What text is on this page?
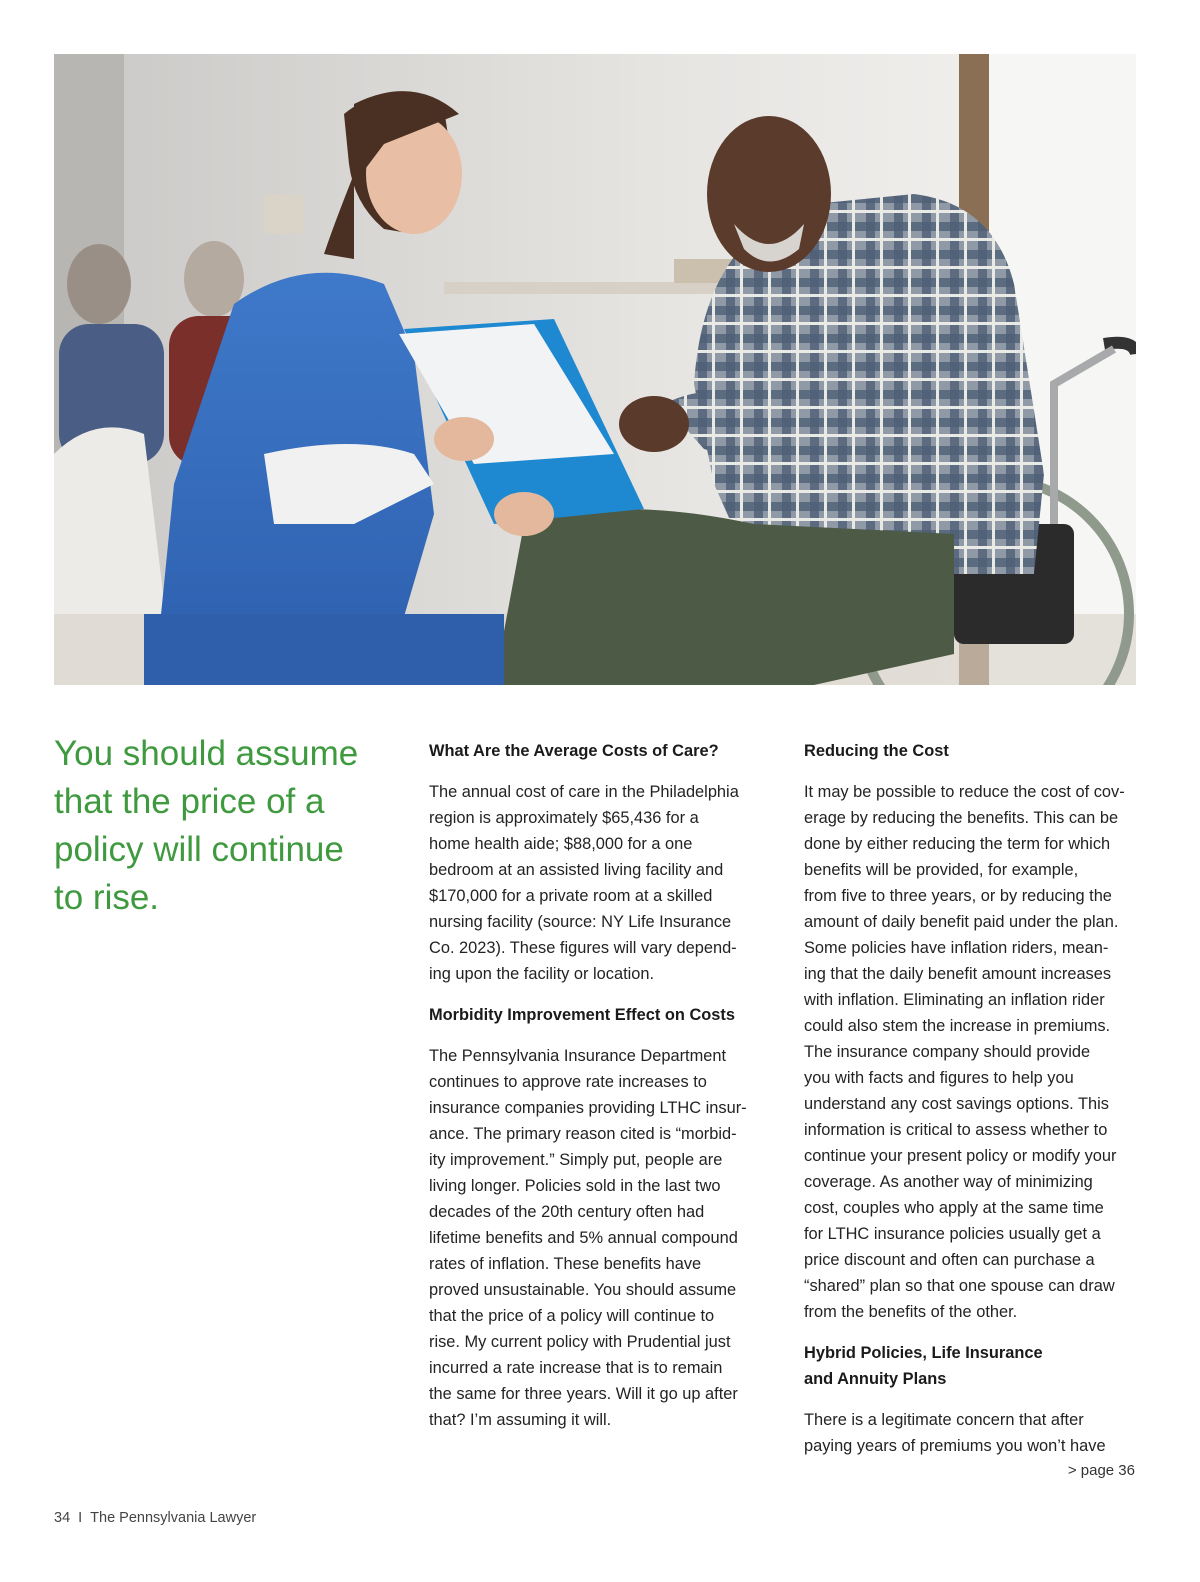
You should assume
that the price of a
policy will continue
to rise.
What Are the Average Costs of Care?

The annual cost of care in the Philadelphia
region is approximately $65,436 for a
home health aide; $88,000 for a one
bedroom at an assisted living facility and
$170,000 for a private room at a skilled
nursing facility (source: NY Life Insurance
Co. 2023). These figures will vary depend-
ing upon the facility or location.

Morbidity Improvement Effect on Costs

The Pennsylvania Insurance Department
continues to approve rate increases to
insurance companies providing LTHC insur-
ance. The primary reason cited is “morbid-
ity improvement.” Simply put, people are
living longer. Policies sold in the last two
decades of the 20th century often had
lifetime benefits and 5% annual compound
rates of inflation. These benefits have
proved unsustainable. You should assume
that the price of a policy will continue to
rise. My current policy with Prudential just
incurred a rate increase that is to remain
the same for three years. Will it go up after
that? I’m assuming it will.

Reducing the Cost

It may be possible to reduce the cost of cov-
erage by reducing the benefits. This can be
done by either reducing the term for which
benefits will be provided, for example,
from five to three years, or by reducing the
amount of daily benefit paid under the plan.
Some policies have inflation riders, mean-
ing that the daily benefit amount increases
with inflation. Eliminating an inflation rider
could also stem the increase in premiums.
The insurance company should provide
you with facts and figures to help you
understand any cost savings options. This
information is critical to assess whether to
continue your present policy or modify your
coverage. As another way of minimizing
cost, couples who apply at the same time
for LTHC insurance policies usually get a
price discount and often can purchase a
“shared” plan so that one spouse can draw
from the benefits of the other.

Hybrid Policies, Life Insurance
and Annuity Plans

There is a legitimate concern that after
paying years of premiums you won’t have

> page 36
34 I The Pennsylvania Lawyer
